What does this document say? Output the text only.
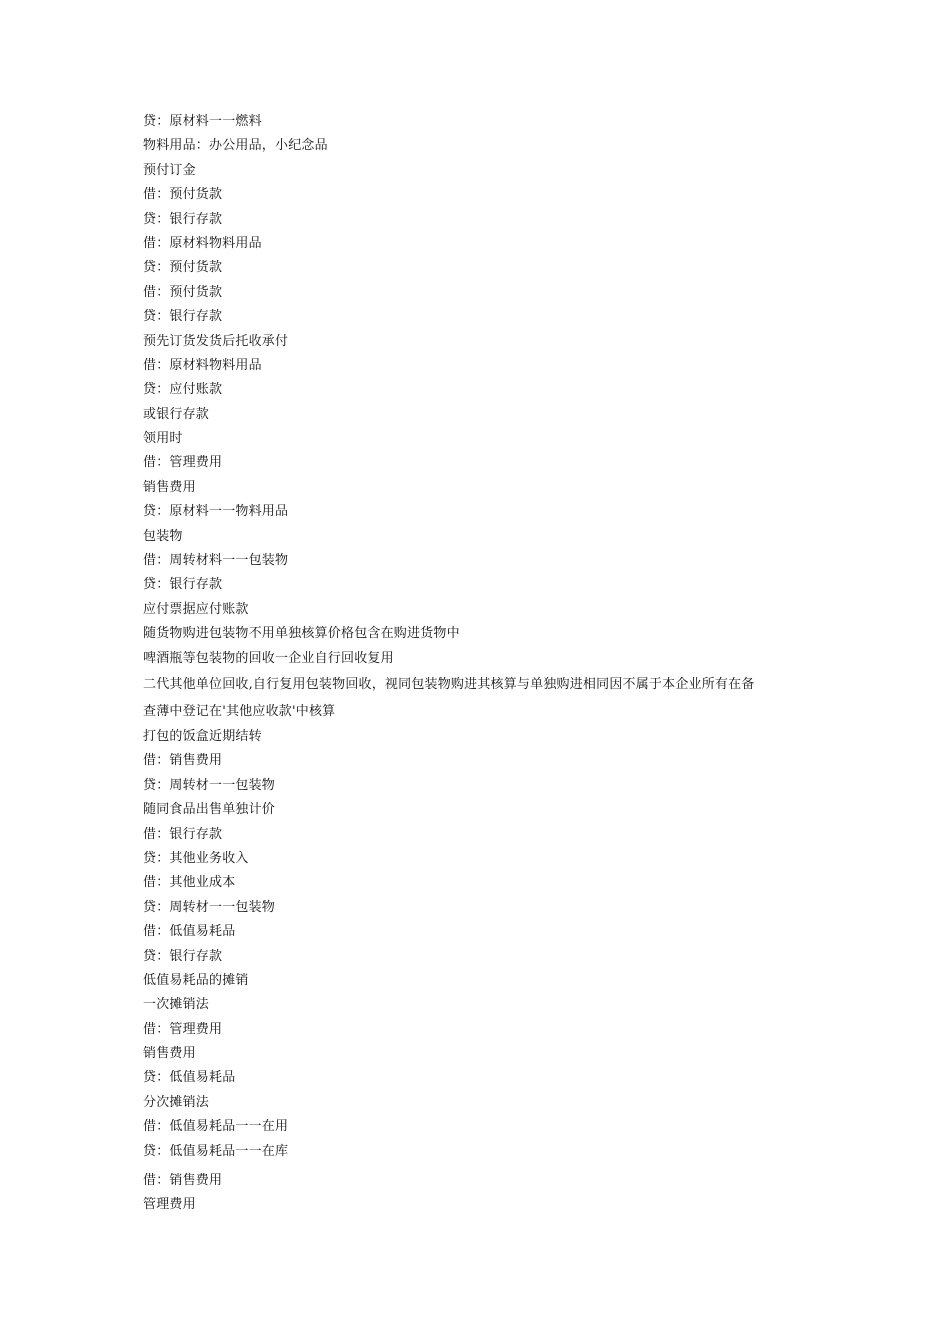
贷：原材料一一燃料
物料用品：办公用品，小纪念品
预付订金
借：预付货款
贷：银行存款
借：原材料物料用品
贷：预付货款
借：预付货款
贷：银行存款
预先订货发货后托收承付
借：原材料物料用品
贷：应付账款
或银行存款
领用时
借：管理费用
销售费用
贷：原材料一一物料用品
包装物
借：周转材料一一包装物
贷：银行存款
应付票据应付账款
随货物购进包装物不用单独核算价格包含在购进货物中
啤酒瓶等包装物的回收一企业自行回收复用
二代其他单位回收,自行复用包装物回收，视同包装物购进其核算与单独购进相同因不属于本企业所有在备
查薄中登记在'其他应收款'中核算
打包的饭盒近期结转
借：销售费用
贷：周转材一一包装物
随同食品出售单独计价
借：银行存款
贷：其他业务收入
借：其他业成本
贷：周转材一一包装物
借：低值易耗品
贷：银行存款
低值易耗品的摊销
一次摊销法
借：管理费用
销售费用
贷：低值易耗品
分次摊销法
借：低值易耗品一一在用
贷：低值易耗品一一在库
借：销售费用
管理费用
